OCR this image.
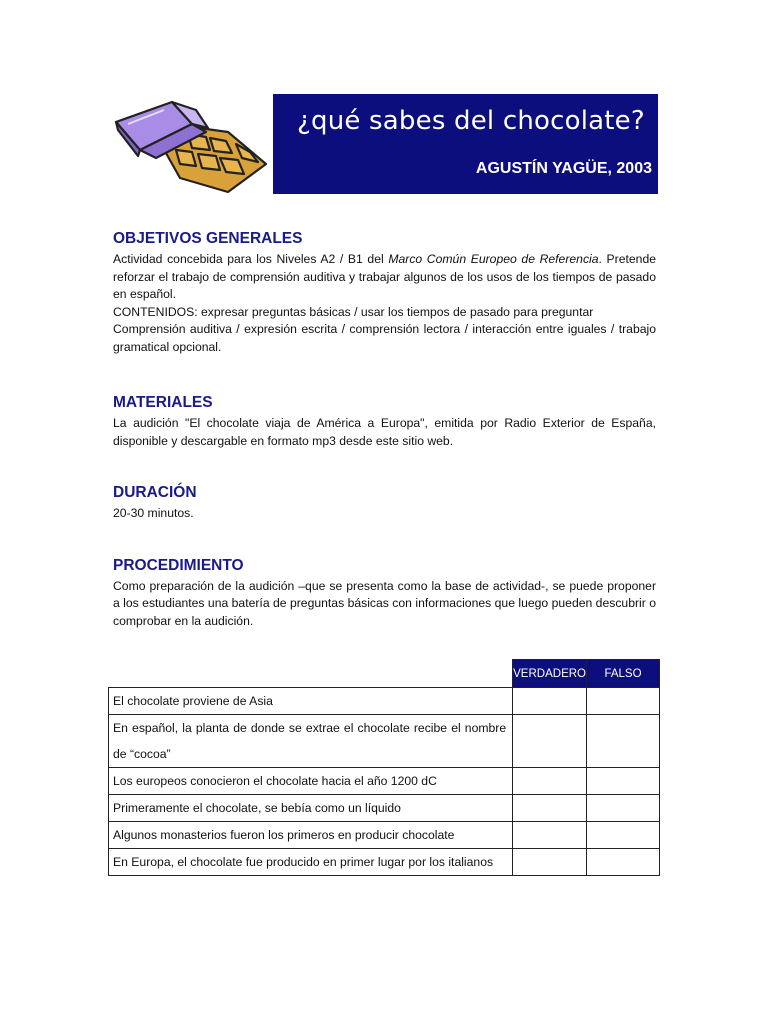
¿qué sabes del chocolate?
AGUSTÍN YAGÜE, 2003
OBJETIVOS GENERALES
Actividad concebida para los Niveles A2 / B1 del Marco Común Europeo de Referencia. Pretende reforzar el trabajo de comprensión auditiva y trabajar algunos de los usos de los tiempos de pasado en español.
CONTENIDOS: expresar preguntas básicas / usar los tiempos de pasado para preguntar
Comprensión auditiva / expresión escrita / comprensión lectora / interacción entre iguales / trabajo gramatical opcional.
MATERIALES
La audición "El chocolate viaja de América a Europa", emitida por Radio Exterior de España, disponible y descargable en formato mp3 desde este sitio web.
DURACIÓN
20-30 minutos.
PROCEDIMIENTO
Como preparación de la audición –que se presenta como la base de actividad-, se puede proponer a los estudiantes una batería de preguntas básicas con informaciones que luego pueden descubrir o comprobar en la audición.
	VERDADERO	FALSO
El chocolate proviene de Asia		
En español, la planta de donde se extrae el chocolate recibe el nombre de “cocoa”		
Los europeos conocieron el chocolate hacia el año 1200 dC		
Primeramente el chocolate, se bebía como un líquido		
Algunos monasterios fueron los primeros en producir chocolate		
En Europa, el chocolate fue producido en primer lugar por los italianos		
